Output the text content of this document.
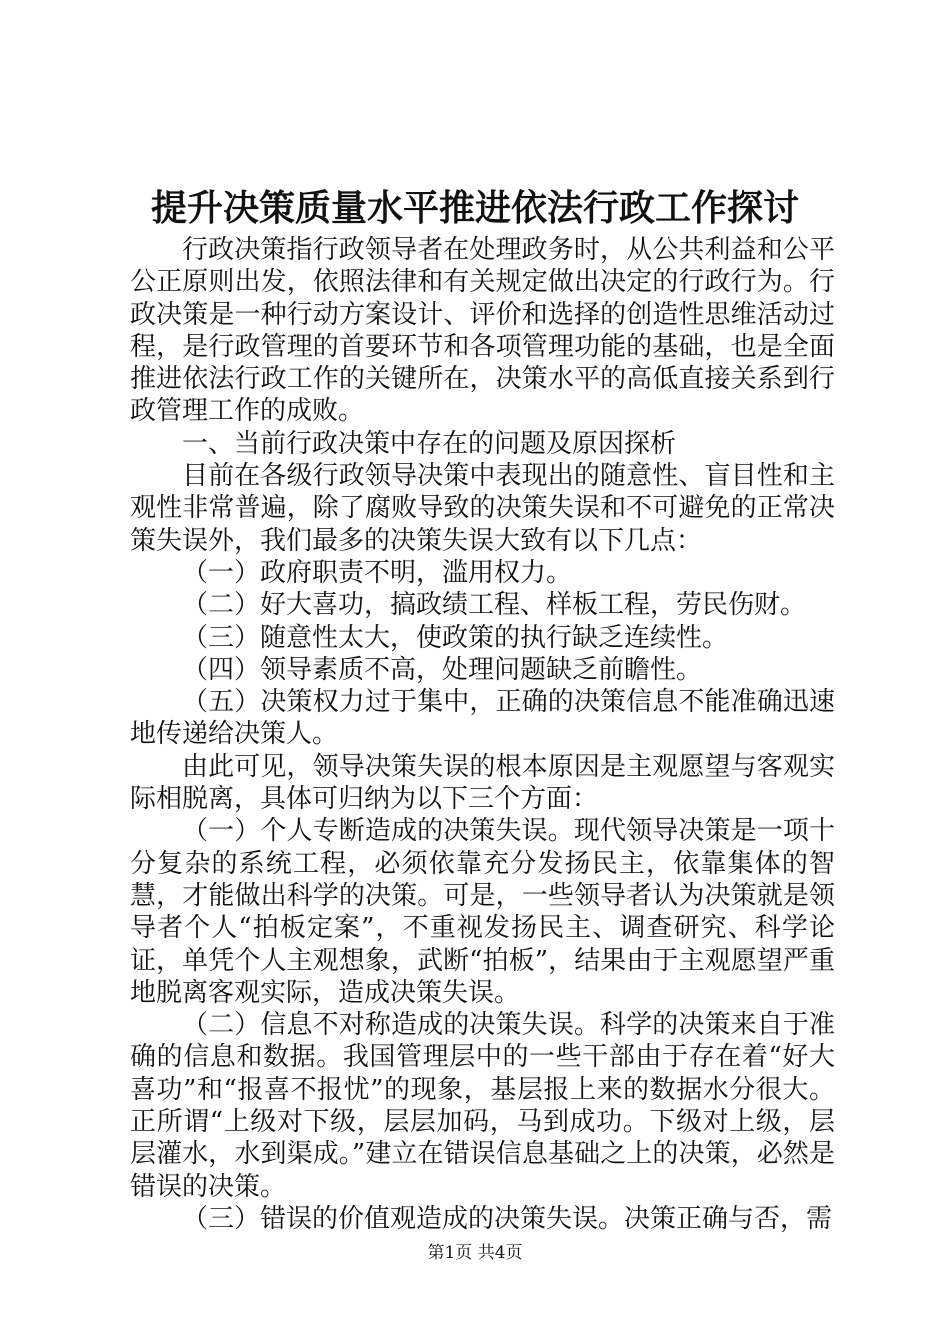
提升决策质量水平推进依法行政工作探讨

行政决策指行政领导者在处理政务时，从公共利益和公平公正原则出发，依照法律和有关规定做出决定的行政行为。行政决策是一种行动方案设计、评价和选择的创造性思维活动过程，是行政管理的首要环节和各项管理功能的基础，也是全面推进依法行政工作的关键所在，决策水平的高低直接关系到行政管理工作的成败。

一、当前行政决策中存在的问题及原因探析

目前在各级行政领导决策中表现出的随意性、盲目性和主观性非常普遍，除了腐败导致的决策失误和不可避免的正常决策失误外，我们最多的决策失误大致有以下几点：

（一）政府职责不明，滥用权力。

（二）好大喜功，搞政绩工程、样板工程，劳民伤财。

（三）随意性太大，使政策的执行缺乏连续性。

（四）领导素质不高，处理问题缺乏前瞻性。

（五）决策权力过于集中，正确的决策信息不能准确迅速地传递给决策人。

由此可见，领导决策失误的根本原因是主观愿望与客观实际相脱离，具体可归纳为以下三个方面：

（一）个人专断造成的决策失误。现代领导决策是一项十分复杂的系统工程，必须依靠充分发扬民主，依靠集体的智慧，才能做出科学的决策。可是，一些领导者认为决策就是领导者个人“拍板定案”，不重视发扬民主、调查研究、科学论证，单凭个人主观想象，武断“拍板”，结果由于主观愿望严重地脱离客观实际，造成决策失误。

（二）信息不对称造成的决策失误。科学的决策来自于准确的信息和数据。我国管理层中的一些干部由于存在着“好大喜功”和“报喜不报忧”的现象，基层报上来的数据水分很大。正所谓“上级对下级，层层加码，马到成功。下级对上级，层层灌水，水到渠成。”建立在错误信息基础之上的决策，必然是错误的决策。

（三）错误的价值观造成的决策失误。决策正确与否，需

第1页 共4页
